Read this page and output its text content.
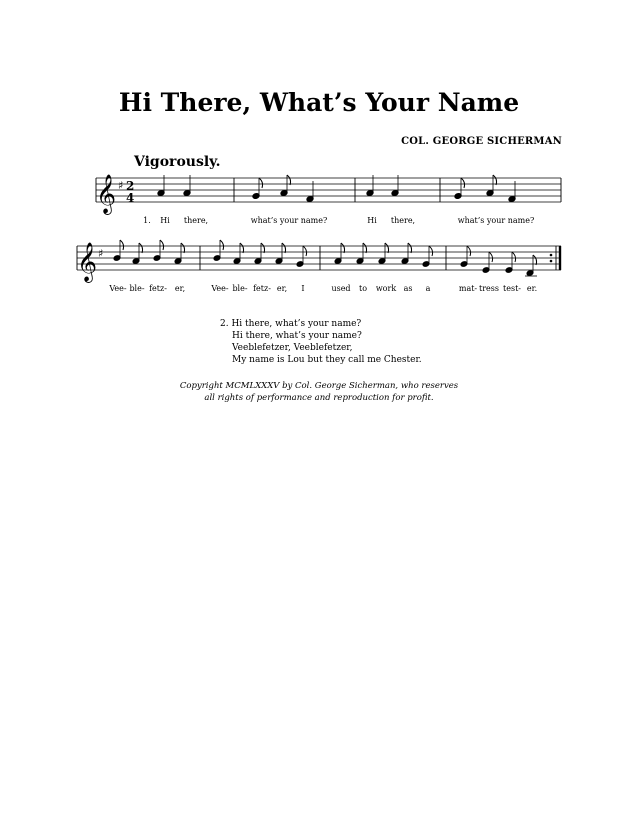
Hi There, What’s Your Name
COL. GEORGE SICHERMAN
Vigorously.
𝄞 ♯ 2
4
1. Hi there,	what’s your name?	Hi there,	what’s your name?
𝄞 ♯
Vee- ble- fetz- er,	Vee- ble- fetz- er, I	used to work as a	mat- tress test- er.
2. Hi there, what’s your name?
Hi there, what’s your name?
Veeblefetzer, Veeblefetzer,
My name is Lou but they call me Chester.
Copyright MCMLXXXV by Col. George Sicherman, who reserves
all rights of performance and reproduction for profit.
